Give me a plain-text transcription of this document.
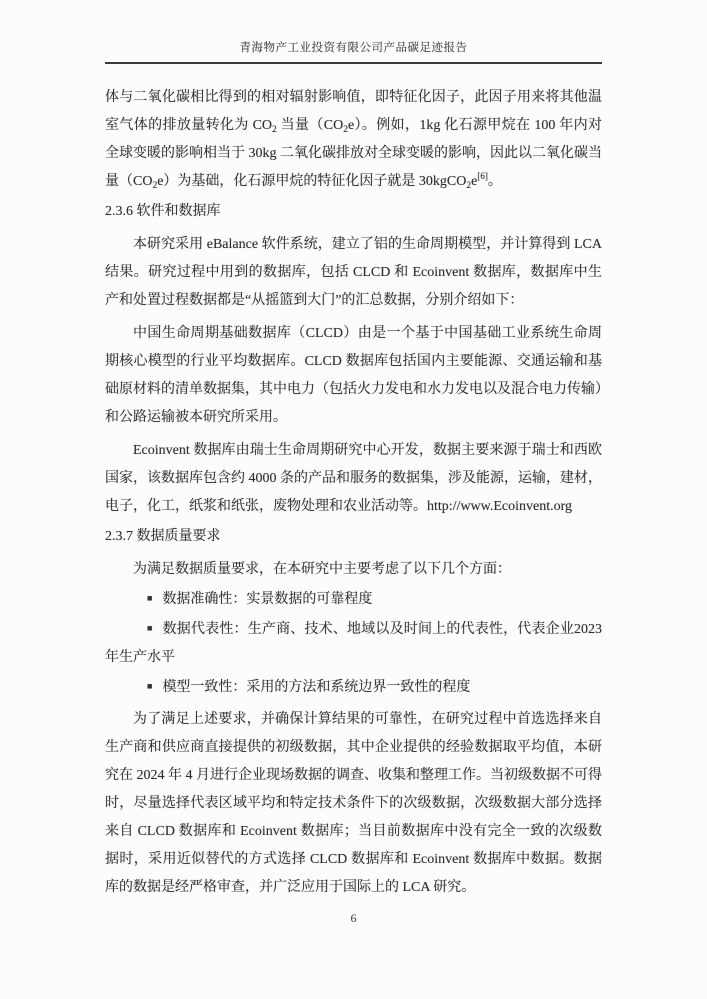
青海物产工业投资有限公司产品碳足迹报告

体与二氧化碳相比得到的相对辐射影响值，即特征化因子，此因子用来将其他温室气体的排放量转化为 $CO_2$ 当量$(CO_2e)$。例如，1kg 化石源甲烷在 100 年内对全球变暖的影响相当于 30kg 二氧化碳排放对全球变暖的影响，因此以二氧化碳当量$(CO_2e)$为基础，化石源甲烷的特征化因子就是 30kgCO$_2$e[6]。

2.3.6 软件和数据库

本研究采用 eBalance 软件系统，建立了铝的生命周期模型，并计算得到 LCA 结果。研究过程中用到的数据库，包括 CLCD 和 Ecoinvent 数据库，数据库中生产和处置过程数据都是“从摇篮到大门”的汇总数据，分别介绍如下：

中国生命周期基础数据库（CLCD）由是一个基于中国基础工业系统生命周期核心模型的行业平均数据库。CLCD 数据库包括国内主要能源、交通运输和基础原材料的清单数据集，其中电力（包括火力发电和水力发电以及混合电力传输）和公路运输被本研究所采用。

Ecoinvent 数据库由瑞士生命周期研究中心开发，数据主要来源于瑞士和西欧国家，该数据库包含约 4000 条的产品和服务的数据集，涉及能源，运输，建材，电子，化工，纸浆和纸张，废物处理和农业活动等。http://www.Ecoinvent.org

2.3.7 数据质量要求

为满足数据质量要求，在本研究中主要考虑了以下几个方面：

■ 数据准确性：实景数据的可靠程度

■ 数据代表性：生产商、技术、地域以及时间上的代表性，代表企业2023年生产水平

■ 模型一致性：采用的方法和系统边界一致性的程度

为了满足上述要求，并确保计算结果的可靠性，在研究过程中首选选择来自生产商和供应商直接提供的初级数据，其中企业提供的经验数据取平均值，本研究在 2024 年 4 月进行企业现场数据的调查、收集和整理工作。当初级数据不可得时，尽量选择代表区域平均和特定技术条件下的次级数据，次级数据大部分选择来自 CLCD 数据库和 Ecoinvent 数据库；当目前数据库中没有完全一致的次级数据时，采用近似替代的方式选择 CLCD 数据库和 Ecoinvent 数据库中数据。数据库的数据是经严格审查，并广泛应用于国际上的 LCA 研究。

6
